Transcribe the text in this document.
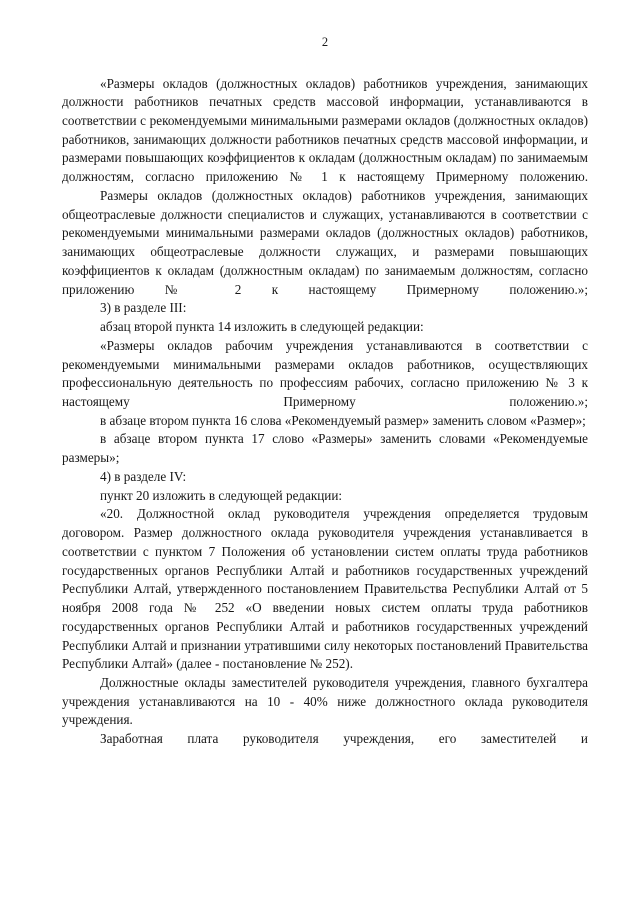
2

«Размеры окладов (должностных окладов) работников учреждения, занимающих должности работников печатных средств массовой информации, устанавливаются в соответствии с рекомендуемыми минимальными размерами окладов (должностных окладов) работников, занимающих должности работников печатных средств массовой информации, и размерами повышающих коэффициентов к окладам (должностным окладам) по занимаемым должностям, согласно приложению № 1 к настоящему Примерному положению.

Размеры окладов (должностных окладов) работников учреждения, занимающих общеотраслевые должности специалистов и служащих, устанавливаются в соответствии с рекомендуемыми минимальными размерами окладов (должностных окладов) работников, занимающих общеотраслевые должности служащих, и размерами повышающих коэффициентов к окладам (должностным окладам) по занимаемым должностям, согласно приложению № 2 к настоящему Примерному положению.»;

3) в разделе III:

абзац второй пункта 14 изложить в следующей редакции:

«Размеры окладов рабочим учреждения устанавливаются в соответствии с рекомендуемыми минимальными размерами окладов работников, осуществляющих профессиональную деятельность по профессиям рабочих, согласно приложению № 3 к настоящему Примерному положению.»;

в абзаце втором пункта 16 слова «Рекомендуемый размер» заменить словом «Размер»;

в абзаце втором пункта 17 слово «Размеры» заменить словами «Рекомендуемые размеры»;

4) в разделе IV:

пункт 20 изложить в следующей редакции:

«20. Должностной оклад руководителя учреждения определяется трудовым договором. Размер должностного оклада руководителя учреждения устанавливается в соответствии с пунктом 7 Положения об установлении систем оплаты труда работников государственных органов Республики Алтай и работников государственных учреждений Республики Алтай, утвержденного постановлением Правительства Республики Алтай от 5 ноября 2008 года № 252 «О введении новых систем оплаты труда работников государственных органов Республики Алтай и работников государственных учреждений Республики Алтай и признании утратившими силу некоторых постановлений Правительства Республики Алтай» (далее - постановление № 252).

Должностные оклады заместителей руководителя учреждения, главного бухгалтера учреждения устанавливаются на 10 - 40% ниже должностного оклада руководителя учреждения.

Заработная плата руководителя учреждения, его заместителей и
